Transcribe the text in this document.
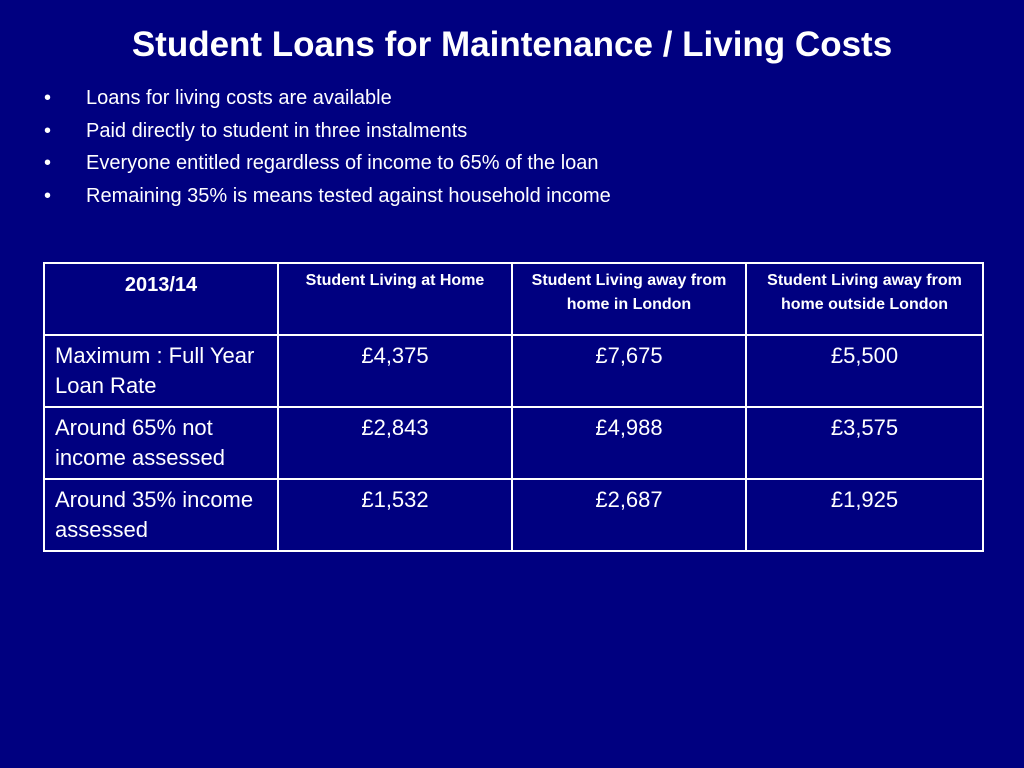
Student Loans for Maintenance / Living Costs
• Loans for living costs are available
• Paid directly to student in three instalments
• Everyone entitled regardless of income to 65% of the loan
• Remaining 35% is means tested against household income
2013/14	Student Living at Home	Student Living away from home in London	Student Living away from home outside London
Maximum : Full Year Loan Rate	£4,375	£7,675	£5,500
Around 65% not income assessed	£2,843	£4,988	£3,575
Around 35% income assessed	£1,532	£2,687	£1,925
